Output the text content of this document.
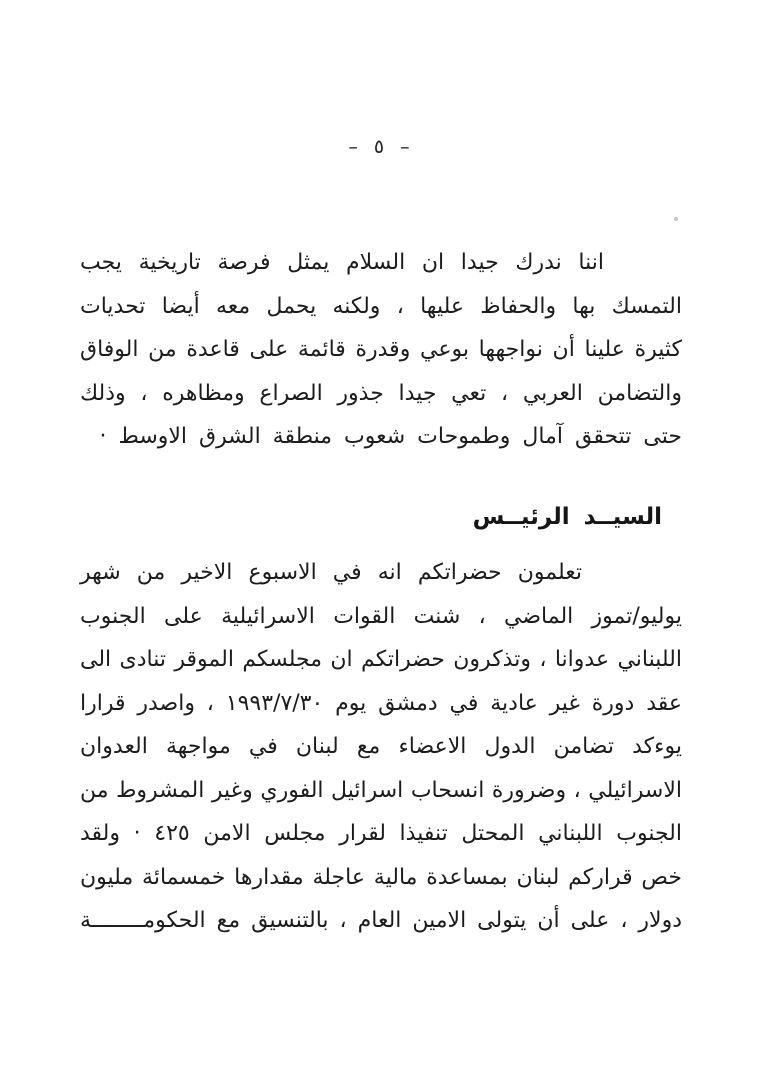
– ٥ –
اننا ندرك جيدا ان السلام يمثل فرصة تاريخية يجب
التمسك بها والحفاظ عليها ، ولكنه يحمل معه أيضا تحديات
كثيرة علينا أن نواجهها بوعي وقدرة قائمة على قاعدة من الوفاق
والتضامن العربي ، تعي جيدا جذور الصراع ومظاهره ، وذلك
حتى تتحقق آمال وطموحات شعوب منطقة الشرق الاوسط ·
السيــد الرئيــس
تعلمون حضراتكم انه في الاسبوع الاخير من شهر
يوليو/تموز الماضي ، شنت القوات الاسرائيلية على الجنوب
اللبناني عدوانا ، وتذكرون حضراتكم ان مجلسكم الموقر تنادى الى
عقد دورة غير عادية في دمشق يوم ١٩٩٣/٧/٣٠ ، واصدر قرارا
يوءكد تضامن الدول الاعضاء مع لبنان في مواجهة العدوان
الاسرائيلي ، وضرورة انسحاب اسرائيل الفوري وغير المشروط من
الجنوب اللبناني المحتل تنفيذا لقرار مجلس الامن ٤٢٥ · ولقد
خص قراركم لبنان بمساعدة مالية عاجلة مقدارها خمسمائة مليون
دولار ، على أن يتولى الامين العام ، بالتنسيق مع الحكومــــــــة
